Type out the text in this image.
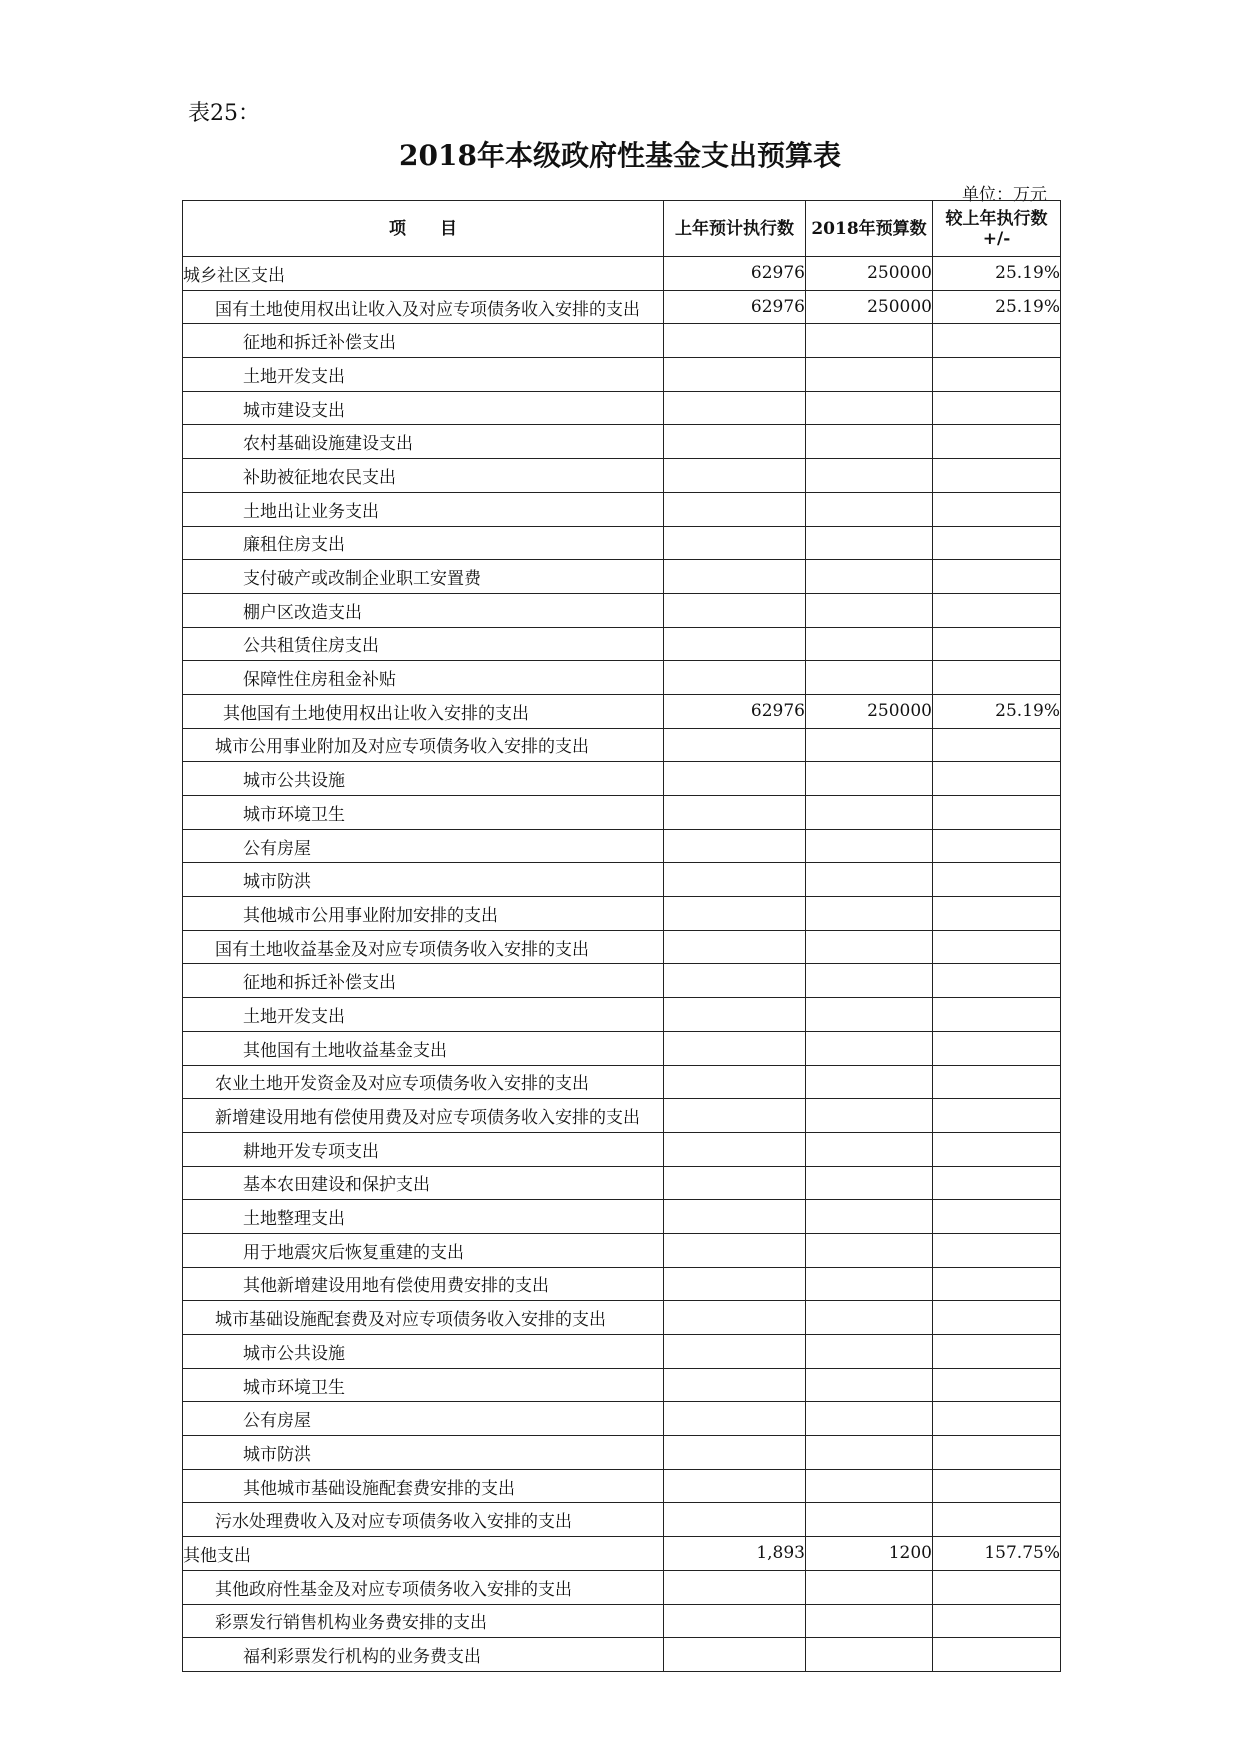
表25：
2018年本级政府性基金支出预算表
单位：万元
项　　目	上年预计执行数	2018年预算数	较上年执行数+/-
城乡社区支出	62976	250000	25.19%
国有土地使用权出让收入及对应专项债务收入安排的支出	62976	250000	25.19%
征地和拆迁补偿支出			
土地开发支出			
城市建设支出			
农村基础设施建设支出			
补助被征地农民支出			
土地出让业务支出			
廉租住房支出			
支付破产或改制企业职工安置费			
棚户区改造支出			
公共租赁住房支出			
保障性住房租金补贴			
其他国有土地使用权出让收入安排的支出	62976	250000	25.19%
城市公用事业附加及对应专项债务收入安排的支出			
城市公共设施			
城市环境卫生			
公有房屋			
城市防洪			
其他城市公用事业附加安排的支出			
国有土地收益基金及对应专项债务收入安排的支出			
征地和拆迁补偿支出			
土地开发支出			
其他国有土地收益基金支出			
农业土地开发资金及对应专项债务收入安排的支出			
新增建设用地有偿使用费及对应专项债务收入安排的支出			
耕地开发专项支出			
基本农田建设和保护支出			
土地整理支出			
用于地震灾后恢复重建的支出			
其他新增建设用地有偿使用费安排的支出			
城市基础设施配套费及对应专项债务收入安排的支出			
城市公共设施			
城市环境卫生			
公有房屋			
城市防洪			
其他城市基础设施配套费安排的支出			
污水处理费收入及对应专项债务收入安排的支出			
其他支出	1,893	1200	157.75%
其他政府性基金及对应专项债务收入安排的支出			
彩票发行销售机构业务费安排的支出			
福利彩票发行机构的业务费支出			
